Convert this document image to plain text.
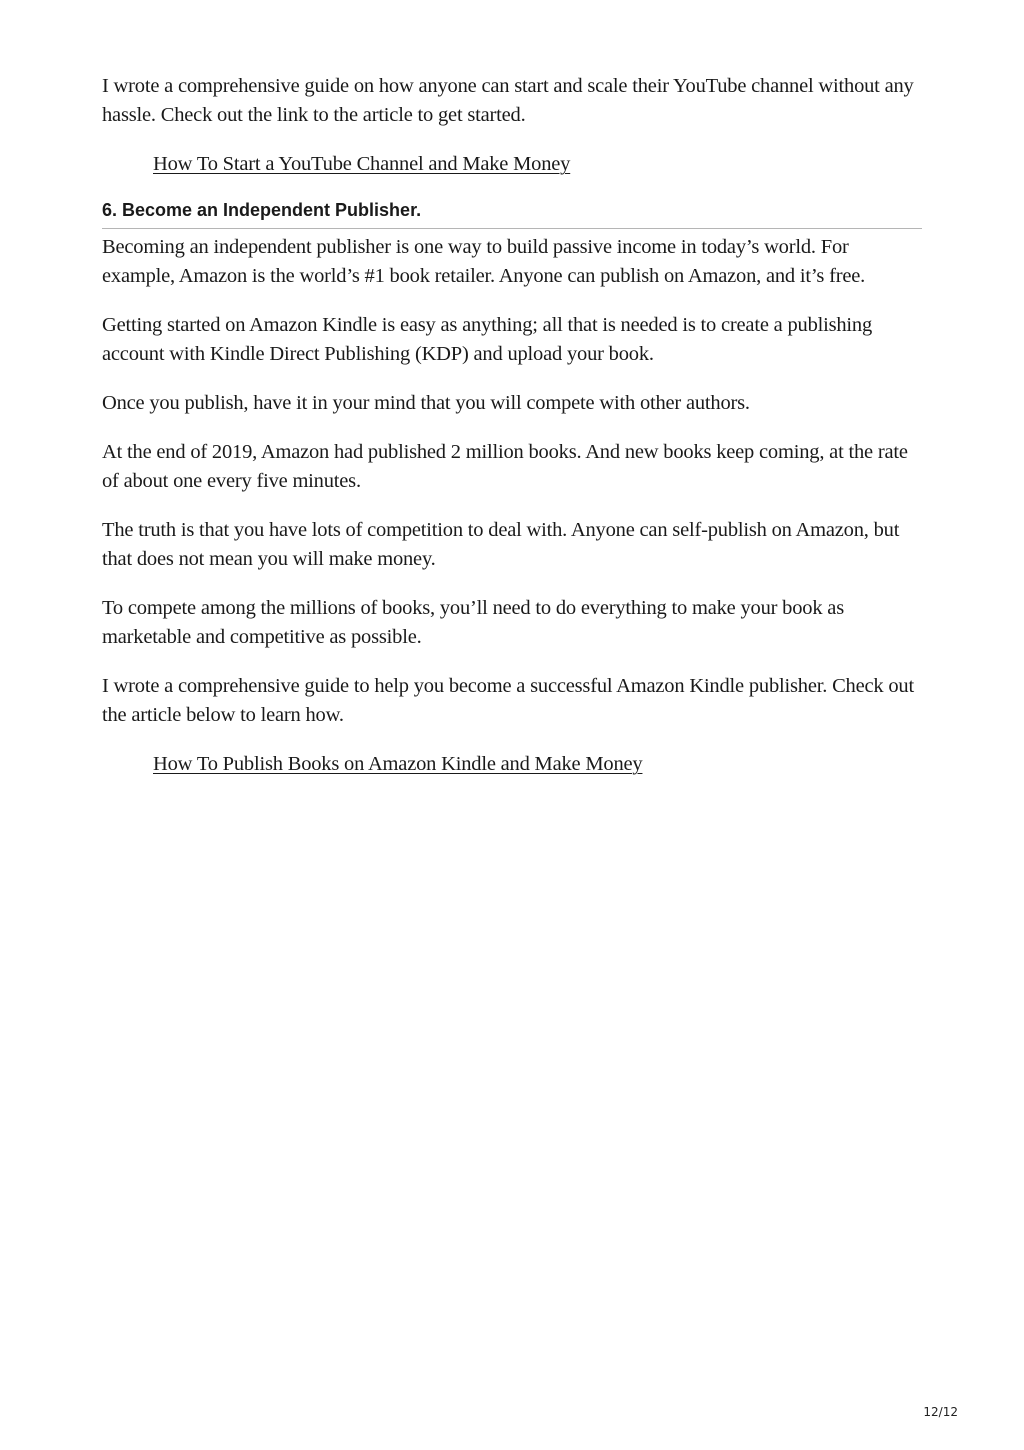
I wrote a comprehensive guide on how anyone can start and scale their YouTube channel without any hassle. Check out the link to the article to get started.

How To Start a YouTube Channel and Make Money
6. Become an Independent Publisher.

Becoming an independent publisher is one way to build passive income in today’s world. For example, Amazon is the world’s #1 book retailer. Anyone can publish on Amazon, and it’s free.

Getting started on Amazon Kindle is easy as anything; all that is needed is to create a publishing account with Kindle Direct Publishing (KDP) and upload your book.

Once you publish, have it in your mind that you will compete with other authors.

At the end of 2019, Amazon had published 2 million books. And new books keep coming, at the rate of about one every five minutes.

The truth is that you have lots of competition to deal with. Anyone can self-publish on Amazon, but that does not mean you will make money.

To compete among the millions of books, you’ll need to do everything to make your book as marketable and competitive as possible.

I wrote a comprehensive guide to help you become a successful Amazon Kindle publisher. Check out the article below to learn how.

How To Publish Books on Amazon Kindle and Make Money
12/12
